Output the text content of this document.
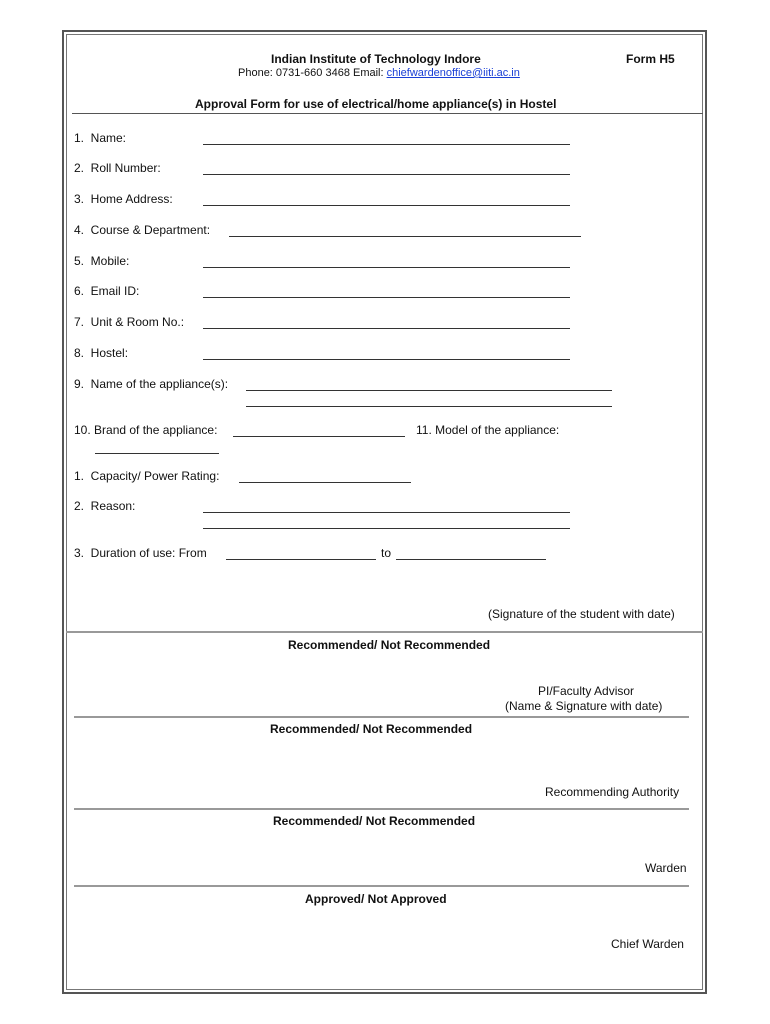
Indian Institute of Technology Indore	Form H5
Phone: 0731-660 3468 Email: chiefwardenoffice@iiti.ac.in
Approval Form for use of electrical/home appliance(s) in Hostel
1.  Name:
2.  Roll Number:
3.  Home Address:
4.  Course & Department:
5.  Mobile:
6.  Email ID:
7.  Unit & Room No.:
8.  Hostel:
9.  Name of the appliance(s):
10. Brand of the appliance:	11. Model of the appliance:
1.  Capacity/ Power Rating:
2.  Reason:
3.  Duration of use: From	to
(Signature of the student with date)
Recommended/ Not Recommended
PI/Faculty Advisor
(Name & Signature with date)
Recommended/ Not Recommended
Recommending Authority
Recommended/ Not Recommended
Warden
Approved/ Not Approved
Chief Warden
